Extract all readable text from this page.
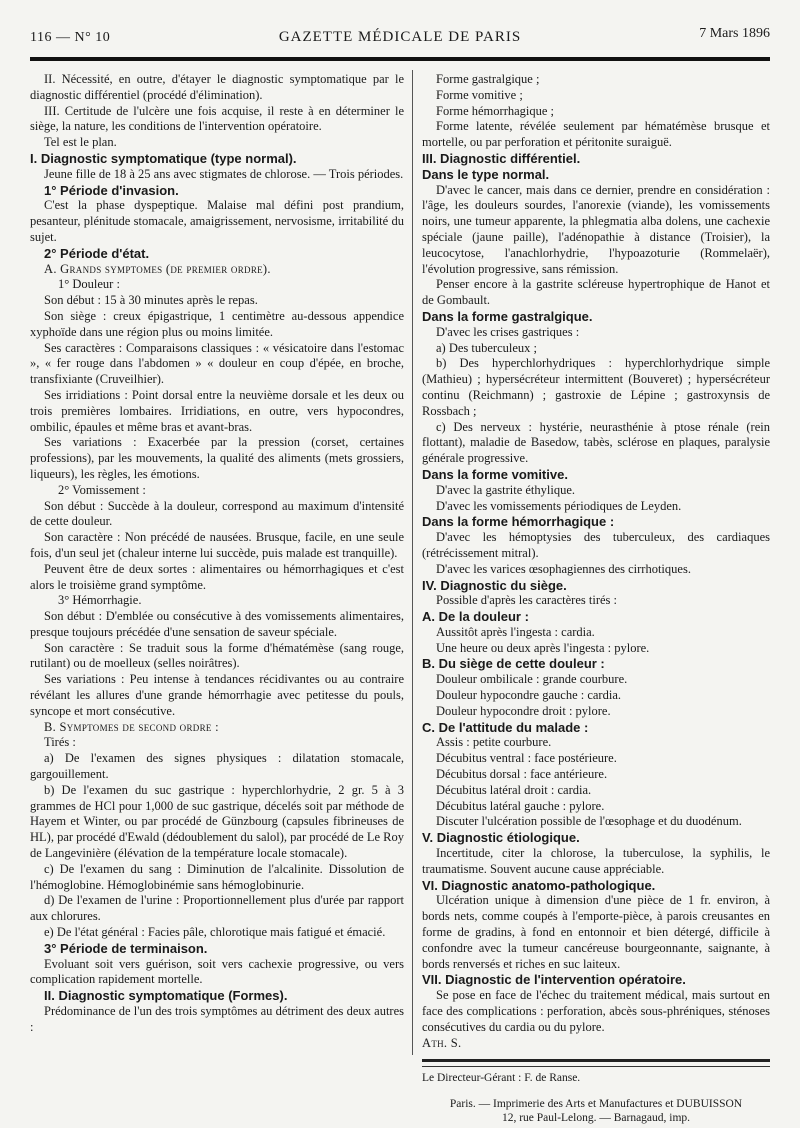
116 — N° 10	GAZETTE MÉDICALE DE PARIS	7 Mars 1896

II. Nécessité, en outre, d'étayer le diagnostic symptomatique par le diagnostic différentiel (procédé d'élimination).

III. Certitude de l'ulcère une fois acquise, il reste à en déterminer le siège, la nature, les conditions de l'intervention opératoire.

Tel est le plan.

I. Diagnostic symptomatique (type normal).

Jeune fille de 18 à 25 ans avec stigmates de chlorose. — Trois périodes.

1° Période d'invasion.

C'est la phase dyspeptique. Malaise mal défini post prandium, pesanteur, plénitude stomacale, amaigrissement, nervosisme, irritabilité du sujet.

2° Période d'état.

A. Grands symptomes (de premier ordre).

1° Douleur :

Son début : 15 à 30 minutes après le repas.

Son siège : creux épigastrique, 1 centimètre au-dessous appendice xyphoïde dans une région plus ou moins limitée.

Ses caractères : Comparaisons classiques : « vésicatoire dans l'estomac », « fer rouge dans l'abdomen » « douleur en coup d'épée, en broche, transfixiante (Cruveilhier).

Ses irridiations : Point dorsal entre la neuvième dorsale et les deux ou trois premières lombaires. Irridiations, en outre, vers hypocondres, ombilic, épaules et même bras et avant-bras.

Ses variations : Exacerbée par la pression (corset, certaines professions), par les mouvements, la qualité des aliments (mets grossiers, liqueurs), les règles, les émotions.

2° Vomissement :

Son début : Succède à la douleur, correspond au maximum d'intensité de cette douleur.

Son caractère : Non précédé de nausées. Brusque, facile, en une seule fois, d'un seul jet (chaleur interne lui succède, puis malade est tranquille).

Peuvent être de deux sortes : alimentaires ou hémorrhagiques et c'est alors le troisième grand symptôme.

3° Hémorrhagie.

Son début : D'emblée ou consécutive à des vomissements alimentaires, presque toujours précédée d'une sensation de saveur spéciale.

Son caractère : Se traduit sous la forme d'hématémèse (sang rouge, rutilant) ou de moelleux (selles noirâtres).

Ses variations : Peu intense à tendances récidivantes ou au contraire révélant les allures d'une grande hémorrhagie avec petitesse du pouls, syncope et mort consécutive.

B. Symptomes de second ordre :

Tirés :

a) De l'examen des signes physiques : dilatation stomacale, gargouillement.

b) De l'examen du suc gastrique : hyperchlorhydrie, 2 gr. 5 à 3 grammes de HCl pour 1,000 de suc gastrique, décelés soit par méthode de Hayem et Winter, ou par procédé de Günzbourg (capsules fibrineuses de HL), par procédé d'Ewald (dédoublement du salol), par procédé de Le Roy de Langevinière (élévation de la température locale stomacale).

c) De l'examen du sang : Diminution de l'alcalinite. Dissolution de l'hémoglobine. Hémoglobinémie sans hémoglobinurie.

d) De l'examen de l'urine : Proportionnellement plus d'urée par rapport aux chlorures.

e) De l'état général : Facies pâle, chlorotique mais fatigué et émacié.

3° Période de terminaison.

Evoluant soit vers guérison, soit vers cachexie progressive, ou vers complication rapidement mortelle.

II. Diagnostic symptomatique (Formes).

Prédominance de l'un des trois symptômes au détriment des deux autres :

Forme gastralgique ;

Forme vomitive ;

Forme hémorrhagique ;

Forme latente, révélée seulement par hématémèse brusque et mortelle, ou par perforation et péritonite suraiguë.

III. Diagnostic différentiel.

Dans le type normal.

D'avec le cancer, mais dans ce dernier, prendre en considération : l'âge, les douleurs sourdes, l'anorexie (viande), les vomissements noirs, une tumeur apparente, la phlegmatia alba dolens, une cachexie spéciale (jaune paille), l'adénopathie à distance (Troisier), la leucocytose, l'anachlorhydrie, l'hypoazoturie (Rommelaër), l'évolution progressive, sans rémission.

Penser encore à la gastrite scléreuse hypertrophique de Hanot et de Gombault.

Dans la forme gastralgique.

D'avec les crises gastriques :

a) Des tuberculeux ;

b) Des hyperchlorhydriques : hyperchlorhydrique simple (Mathieu) ; hypersécréteur intermittent (Bouveret) ; hypersécréteur continu (Reichmann) ; gastroxie de Lépine ; gastroxynsis de Rossbach ;

c) Des nerveux : hystérie, neurasthénie à ptose rénale (rein flottant), maladie de Basedow, tabès, sclérose en plaques, paralysie générale progressive.

Dans la forme vomitive.

D'avec la gastrite éthylique.

D'avec les vomissements périodiques de Leyden.

Dans la forme hémorrhagique :

D'avec les hémoptysies des tuberculeux, des cardiaques (rétrécissement mitral).

D'avec les varices œsophagiennes des cirrhotiques.

IV. Diagnostic du siège.

Possible d'après les caractères tirés :

A. De la douleur :

Aussitôt après l'ingesta : cardia.

Une heure ou deux après l'ingesta : pylore.

B. Du siège de cette douleur :

Douleur ombilicale : grande courbure.

Douleur hypocondre gauche : cardia.

Douleur hypocondre droit : pylore.

C. De l'attitude du malade :

Assis : petite courbure.

Décubitus ventral : face postérieure.

Décubitus dorsal : face antérieure.

Décubitus latéral droit : cardia.

Décubitus latéral gauche : pylore.

Discuter l'ulcération possible de l'œsophage et du duodénum.

V. Diagnostic étiologique.

Incertitude, citer la chlorose, la tuberculose, la syphilis, le traumatisme. Souvent aucune cause appréciable.

VI. Diagnostic anatomo-pathologique.

Ulcération unique à dimension d'une pièce de 1 fr. environ, à bords nets, comme coupés à l'emporte-pièce, à parois creusantes en forme de gradins, à fond en entonnoir et bien détergé, difficile à confondre avec la tumeur cancéreuse bourgeonnante, saignante, à bords renversés et riches en suc laiteux.

VII. Diagnostic de l'intervention opératoire.

Se pose en face de l'échec du traitement médical, mais surtout en face des complications : perforation, abcès sous-phréniques, sténoses consécutives du cardia ou du pylore.

Ath. S.

Le Directeur-Gérant : F. de Ranse.

Paris. — Imprimerie des Arts et Manufactures et DUBUISSON
12, rue Paul-Lelong. — Barnagaud, imp.
